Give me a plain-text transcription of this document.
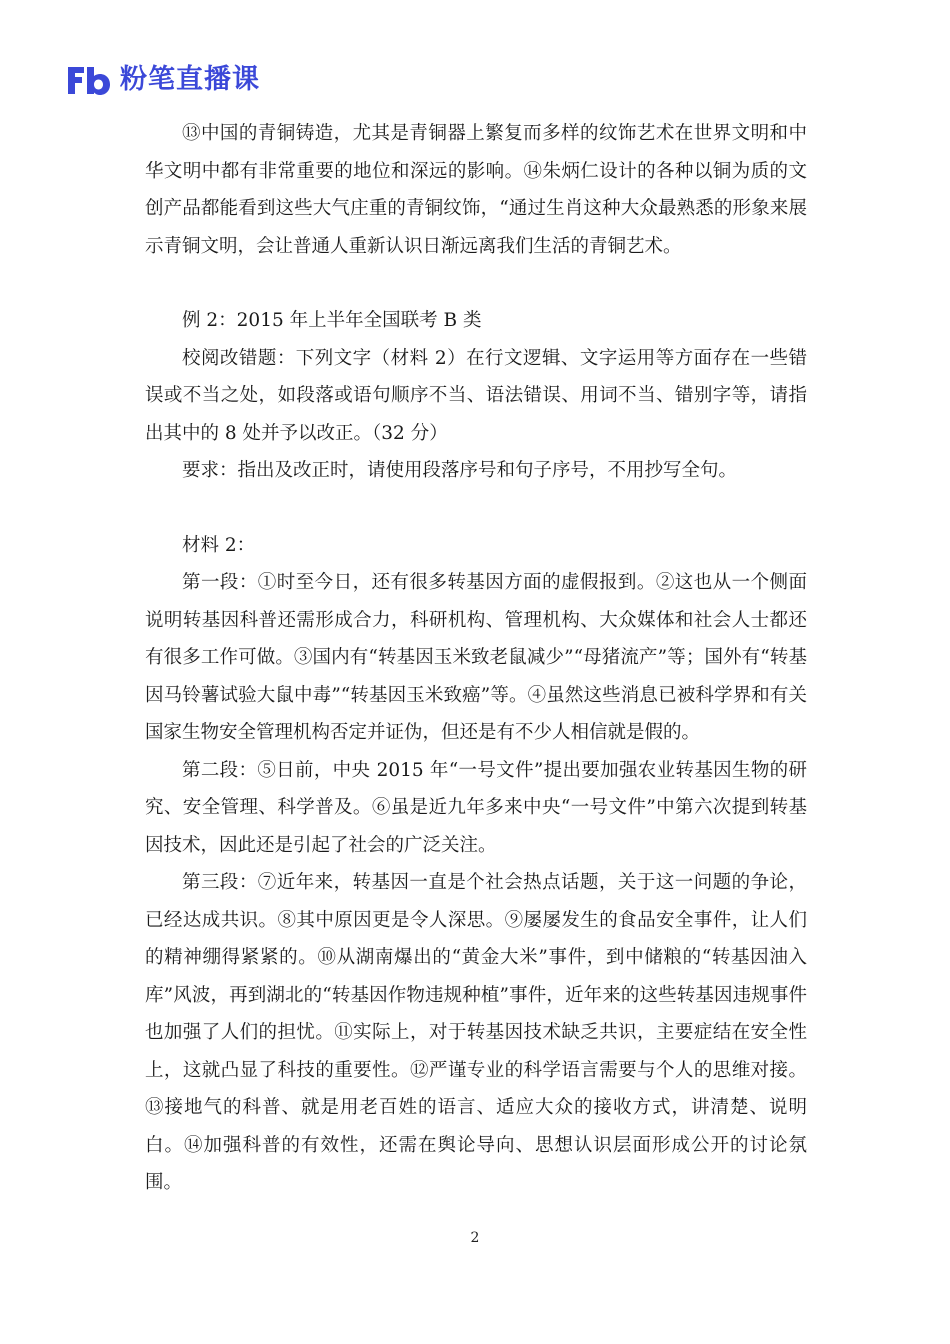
粉笔直播课

⑬中国的青铜铸造，尤其是青铜器上繁复而多样的纹饰艺术在世界文明和中华文明中都有非常重要的地位和深远的影响。⑭朱炳仁设计的各种以铜为质的文创产品都能看到这些大气庄重的青铜纹饰，“通过生肖这种大众最熟悉的形象来展示青铜文明，会让普通人重新认识日渐远离我们生活的青铜艺术。

例 2：2015 年上半年全国联考 B 类

校阅改错题：下列文字（材料 2）在行文逻辑、文字运用等方面存在一些错误或不当之处，如段落或语句顺序不当、语法错误、用词不当、错别字等，请指出其中的 8 处并予以改正。（32 分）

要求：指出及改正时，请使用段落序号和句子序号，不用抄写全句。

材料 2：

第一段：①时至今日，还有很多转基因方面的虚假报到。②这也从一个侧面说明转基因科普还需形成合力，科研机构、管理机构、大众媒体和社会人士都还有很多工作可做。③国内有“转基因玉米致老鼠减少”“母猪流产”等；国外有“转基因马铃薯试验大鼠中毒”“转基因玉米致癌”等。④虽然这些消息已被科学界和有关国家生物安全管理机构否定并证伪，但还是有不少人相信就是假的。

第二段：⑤日前，中央 2015 年“一号文件”提出要加强农业转基因生物的研究、安全管理、科学普及。⑥虽是近九年多来中央“一号文件”中第六次提到转基因技术，因此还是引起了社会的广泛关注。

第三段：⑦近年来，转基因一直是个社会热点话题，关于这一问题的争论，已经达成共识。⑧其中原因更是令人深思。⑨屡屡发生的食品安全事件，让人们的精神绷得紧紧的。⑩从湖南爆出的“黄金大米”事件，到中储粮的“转基因油入库”风波，再到湖北的“转基因作物违规种植”事件，近年来的这些转基因违规事件也加强了人们的担忧。⑪实际上，对于转基因技术缺乏共识，主要症结在安全性上，这就凸显了科技的重要性。⑫严谨专业的科学语言需要与个人的思维对接。⑬接地气的科普、就是用老百姓的语言、适应大众的接收方式，讲清楚、说明白。⑭加强科普的有效性，还需在舆论导向、思想认识层面形成公开的讨论氛围。

2
